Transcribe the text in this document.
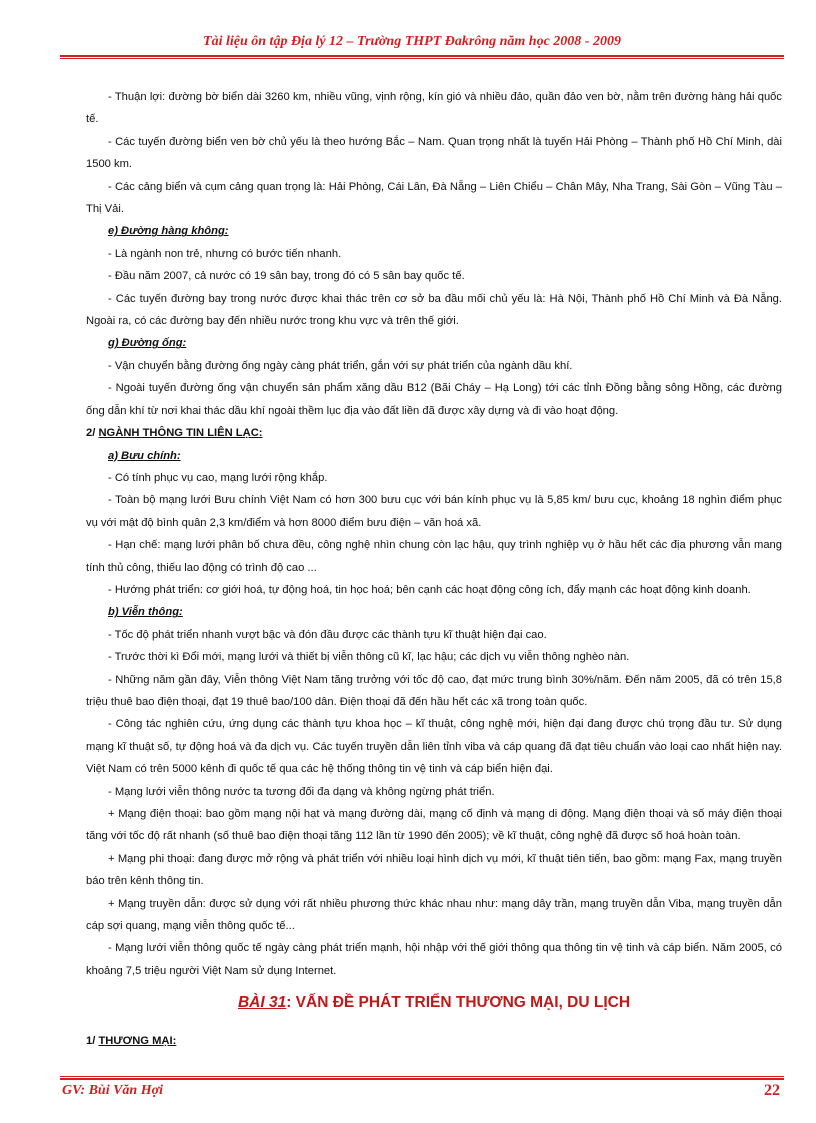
Tài liệu ôn tập Địa lý 12 – Trường THPT Đakrông năm học 2008 - 2009

- Thuận lợi: đường bờ biển dài 3260 km, nhiều vũng, vịnh rộng, kín gió và nhiều đảo, quần đảo ven bờ, nằm trên đường hàng hải quốc tế.

- Các tuyến đường biển ven bờ chủ yếu là theo hướng Bắc – Nam. Quan trọng nhất là tuyến Hải Phòng – Thành phố Hồ Chí Minh, dài 1500 km.

- Các cảng biển và cụm cảng quan trọng là: Hải Phòng, Cái Lân, Đà Nẵng – Liên Chiểu – Chân Mây, Nha Trang, Sài Gòn – Vũng Tàu – Thị Vải.

e) Đường hàng không:

- Là ngành non trẻ, nhưng có bước tiến nhanh.

- Đầu năm 2007, cả nước có 19 sân bay, trong đó có 5 sân bay quốc tế.

- Các tuyến đường bay trong nước được khai thác trên cơ sở ba đầu mối chủ yếu là: Hà Nội, Thành phố Hồ Chí Minh và Đà Nẵng. Ngoài ra, có các đường bay đến nhiều nước trong khu vực và trên thế giới.

g) Đường ống:

- Vận chuyển bằng đường ống ngày càng phát triển, gắn với sự phát triển của ngành dầu khí.

- Ngoài tuyến đường ống vận chuyển sản phẩm xăng dầu B12 (Bãi Cháy – Hạ Long) tới các tỉnh Đồng bằng sông Hồng, các đường ống dẫn khí từ nơi khai thác dầu khí ngoài thềm lục địa vào đất liền đã được xây dựng và đi vào hoạt động.

2/ NGÀNH THÔNG TIN LIÊN LẠC:

a) Bưu chính:

- Có tính phục vụ cao, mạng lưới rộng khắp.

- Toàn bộ mạng lưới Bưu chính Việt Nam có hơn 300 bưu cục với bán kính phục vụ là 5,85 km/ bưu cục, khoảng 18 nghìn điểm phục vụ với mật độ bình quân 2,3 km/điểm và hơn 8000 điểm bưu điện – văn hoá xã.

- Hạn chế: mạng lưới phân bố chưa đều, công nghệ nhìn chung còn lạc hậu, quy trình nghiệp vụ ở hầu hết các địa phương vẫn mang tính thủ công, thiếu lao động có trình độ cao ...

- Hướng phát triển: cơ giới hoá, tự động hoá, tin học hoá; bên cạnh các hoạt động công ích, đẩy mạnh các hoạt động kinh doanh.

b) Viễn thông:

- Tốc độ phát triển nhanh vượt bậc và đón đầu được các thành tựu kĩ thuật hiện đại cao.

- Trước thời kì Đổi mới, mạng lưới và thiết bị viễn thông cũ kĩ, lạc hậu; các dịch vụ viễn thông nghèo nàn.

- Những năm gần đây, Viễn thông Việt Nam tăng trưởng với tốc độ cao, đạt mức trung bình 30%/năm. Đến năm 2005, đã có trên 15,8 triệu thuê bao điện thoại, đạt 19 thuê bao/100 dân. Điện thoại đã đến hầu hết các xã trong toàn quốc.

- Công tác nghiên cứu, ứng dụng các thành tựu khoa học – kĩ thuật, công nghệ mới, hiện đại đang được chú trọng đầu tư. Sử dụng mạng kĩ thuật số, tự động hoá và đa dịch vụ. Các tuyến truyền dẫn liên tỉnh viba và cáp quang đã đạt tiêu chuẩn vào loại cao nhất hiện nay. Việt Nam có trên 5000 kênh đi quốc tế qua các hệ thống thông tin vệ tinh và cáp biển hiện đại.

- Mạng lưới viễn thông nước ta tương đối đa dạng và không ngừng phát triển.

+ Mạng điện thoại: bao gồm mạng nội hạt và mạng đường dài, mạng cố định và mạng di động. Mạng điện thoại và số máy điện thoại tăng với tốc độ rất nhanh (số thuê bao điện thoại tăng 112 lần từ 1990 đến 2005); về kĩ thuật, công nghệ đã được số hoá hoàn toàn.

+ Mạng phi thoại: đang được mở rộng và phát triển với nhiều loại hình dịch vụ mới, kĩ thuật tiên tiến, bao gồm: mạng Fax, mạng truyền báo trên kênh thông tin.

+ Mạng truyền dẫn: được sử dụng với rất nhiều phương thức khác nhau như: mạng dây trần, mạng truyền dẫn Viba, mạng truyền dẫn cáp sợi quang, mạng viễn thông quốc tế...

- Mạng lưới viễn thông quốc tế ngày càng phát triển mạnh, hội nhập với thế giới thông qua thông tin vệ tinh và cáp biển. Năm 2005, có khoảng 7,5 triệu người Việt Nam sử dụng Internet.

BÀI 31: VẤN ĐỀ PHÁT TRIỂN THƯƠNG MẠI, DU LỊCH

1/ THƯƠNG MẠI:

GV: Bùi Văn Hợi	22
